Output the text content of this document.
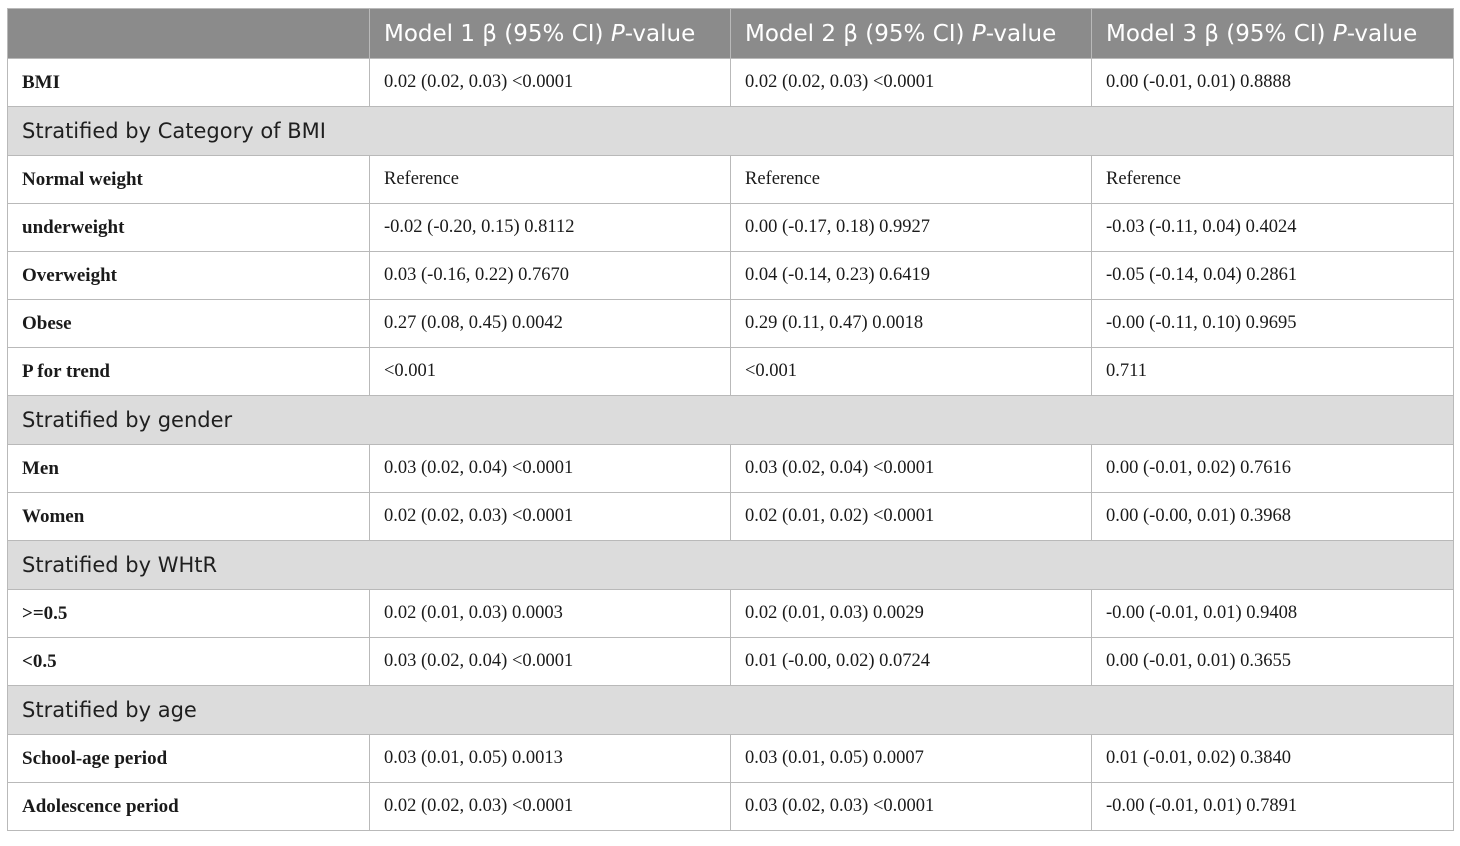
	Model 1 β (95% CI) P-value	Model 2 β (95% CI) P-value	Model 3 β (95% CI) P-value
BMI	0.02 (0.02, 0.03) <0.0001	0.02 (0.02, 0.03) <0.0001	0.00 (-0.01, 0.01) 0.8888
Stratified by Category of BMI			
Normal weight	Reference	Reference	Reference
underweight	-0.02 (-0.20, 0.15) 0.8112	0.00 (-0.17, 0.18) 0.9927	-0.03 (-0.11, 0.04) 0.4024
Overweight	0.03 (-0.16, 0.22) 0.7670	0.04 (-0.14, 0.23) 0.6419	-0.05 (-0.14, 0.04) 0.2861
Obese	0.27 (0.08, 0.45) 0.0042	0.29 (0.11, 0.47) 0.0018	-0.00 (-0.11, 0.10) 0.9695
P for trend	<0.001	<0.001	0.711
Stratified by gender			
Men	0.03 (0.02, 0.04) <0.0001	0.03 (0.02, 0.04) <0.0001	0.00 (-0.01, 0.02) 0.7616
Women	0.02 (0.02, 0.03) <0.0001	0.02 (0.01, 0.02) <0.0001	0.00 (-0.00, 0.01) 0.3968
Stratified by WHtR			
>=0.5	0.02 (0.01, 0.03) 0.0003	0.02 (0.01, 0.03) 0.0029	-0.00 (-0.01, 0.01) 0.9408
<0.5	0.03 (0.02, 0.04) <0.0001	0.01 (-0.00, 0.02) 0.0724	0.00 (-0.01, 0.01) 0.3655
Stratified by age			
School-age period	0.03 (0.01, 0.05) 0.0013	0.03 (0.01, 0.05) 0.0007	0.01 (-0.01, 0.02) 0.3840
Adolescence period	0.02 (0.02, 0.03) <0.0001	0.03 (0.02, 0.03) <0.0001	-0.00 (-0.01, 0.01) 0.7891
